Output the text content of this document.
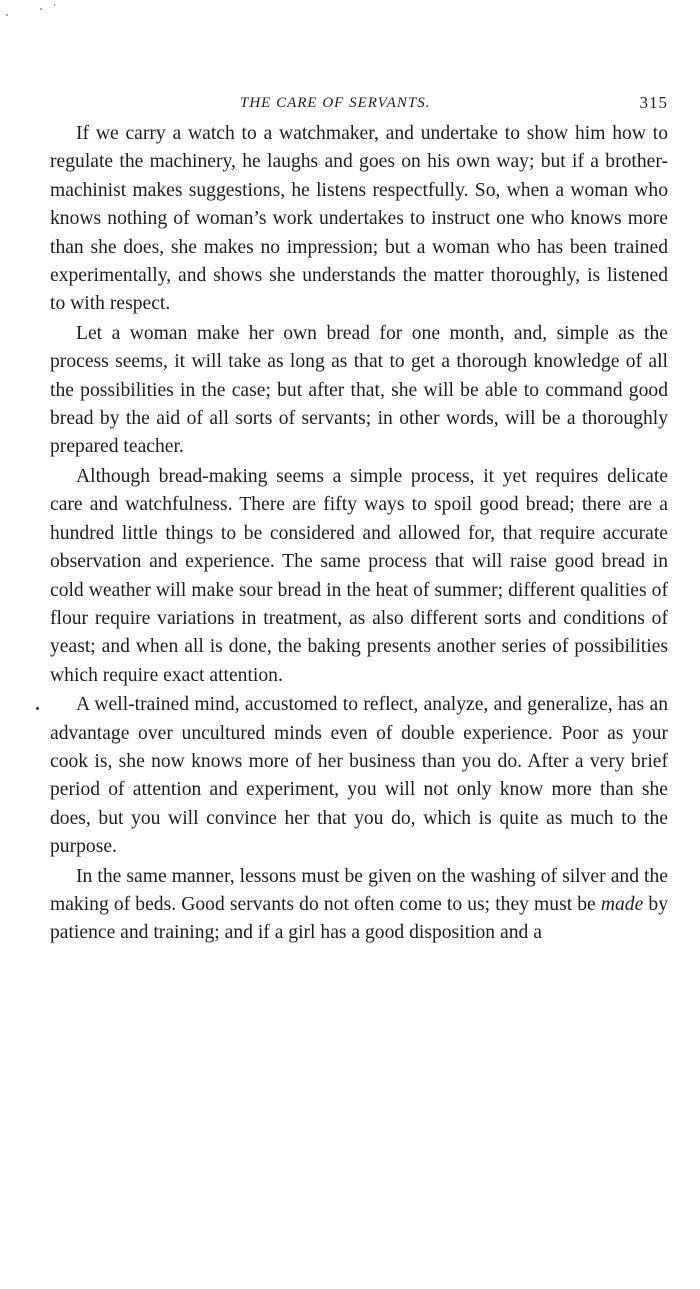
THE CARE OF SERVANTS.	315

If we carry a watch to a watchmaker, and undertake to show him how to regulate the machinery, he laughs and goes on his own way; but if a brother-machinist makes suggestions, he listens respectfully. So, when a woman who knows nothing of woman’s work undertakes to instruct one who knows more than she does, she makes no impression; but a woman who has been trained experimentally, and shows she understands the matter thoroughly, is listened to with respect.

Let a woman make her own bread for one month, and, simple as the process seems, it will take as long as that to get a thorough knowledge of all the possibilities in the case; but after that, she will be able to command good bread by the aid of all sorts of servants; in other words, will be a thoroughly prepared teacher.

Although bread-making seems a simple process, it yet requires delicate care and watchfulness. There are fifty ways to spoil good bread; there are a hundred little things to be considered and allowed for, that require accurate observation and experience. The same process that will raise good bread in cold weather will make sour bread in the heat of summer; different qualities of flour require variations in treatment, as also different sorts and conditions of yeast; and when all is done, the baking presents another series of possibilities which require exact attention.

A well-trained mind, accustomed to reflect, analyze, and generalize, has an advantage over uncultured minds even of double experience. Poor as your cook is, she now knows more of her business than you do. After a very brief period of attention and experiment, you will not only know more than she does, but you will convince her that you do, which is quite as much to the purpose.

In the same manner, lessons must be given on the washing of silver and the making of beds. Good servants do not often come to us; they must be made by patience and training; and if a girl has a good disposition and a
